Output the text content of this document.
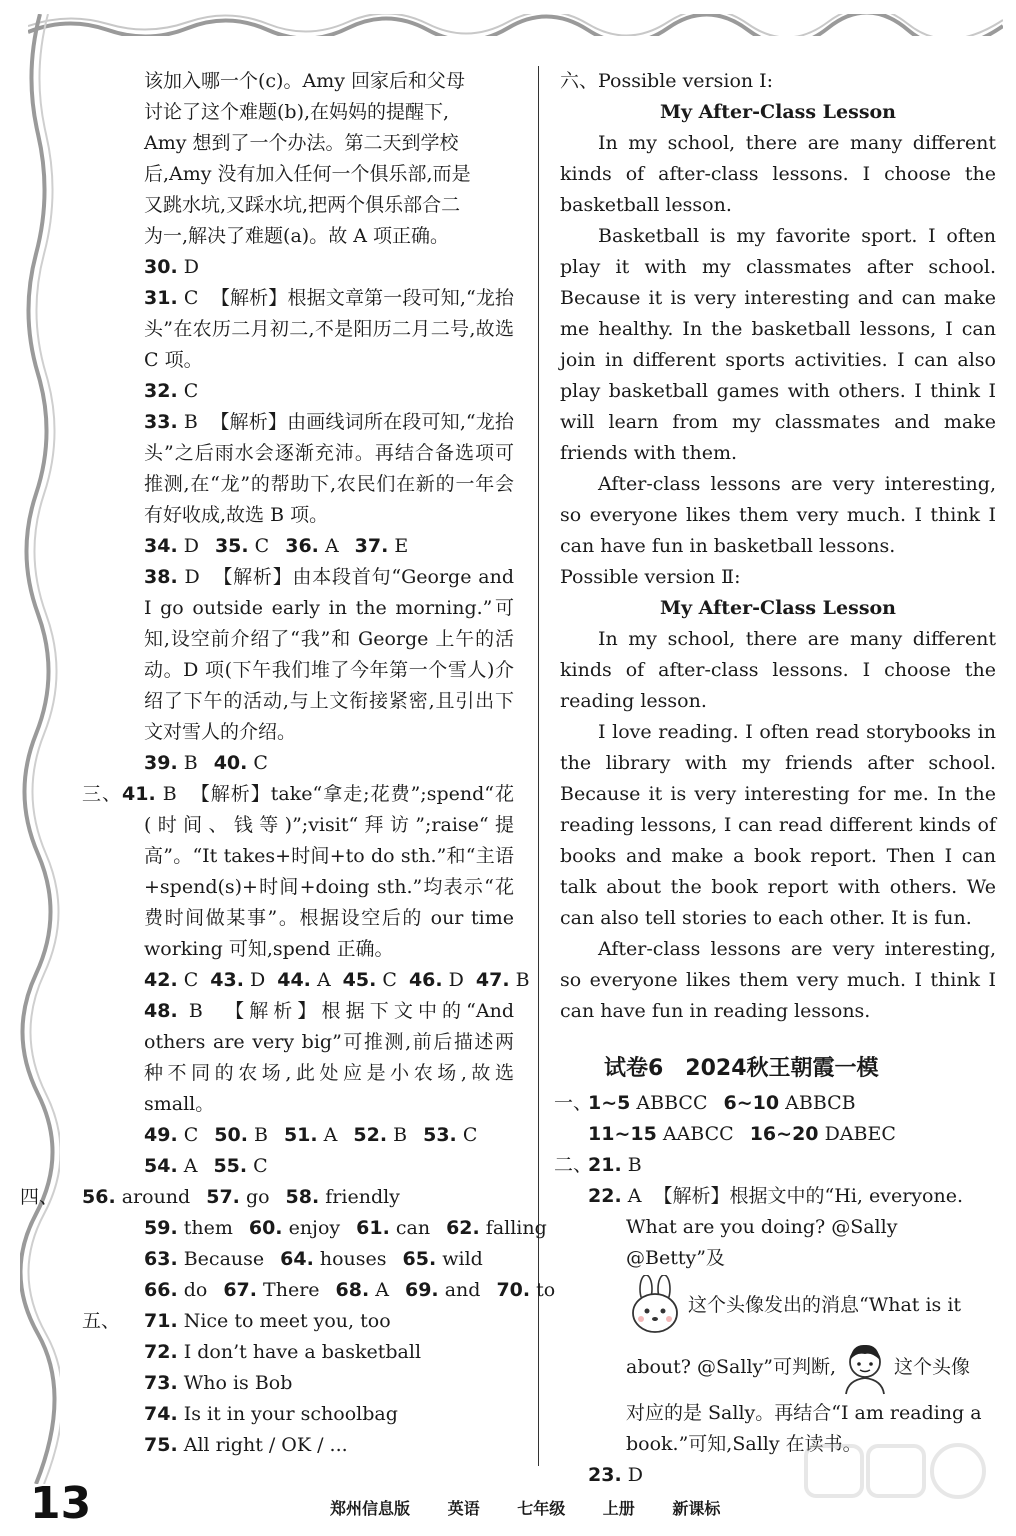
该加入哪一个(c)。Amy 回家后和父母
讨论了这个难题(b),在妈妈的提醒下,
Amy 想到了一个办法。第二天到学校
后,Amy 没有加入任何一个俱乐部,而是
又跳水坑,又踩水坑,把两个俱乐部合二
为一,解决了难题(a)。故 A 项正确。
30.
D
31. C 【解析】根据文章第一段可知,“龙抬头”在农历二月初二,不是阳历二月二号,故选 C 项。
32.
C
33. B 【解析】由画线词所在段可知,“龙抬头”之后雨水会逐渐充沛。再结合备选项可推测,在“龙”的帮助下,农民们在新的一年会有好收成,故选 B 项。
34. D 35. C 36. A 37. E
38. D 【解析】由本段首句“George and I go outside early in the morning.”可知,设空前介绍了“我”和 George 上午的活动。D 项(下午我们堆了今年第一个雪人)介绍了下午的活动,与上文衔接紧密,且引出下文对雪人的介绍。
39. B 40. C
三、41. B 【解析】take“拿走;花费”;spend“花(时间、钱等)”;visit“拜访”;raise“提高”。“It takes+时间+to do sth.”和“主语+spend(s)+时间+doing sth.”均表示“花费时间做某事”。根据设空后的 our time working 可知,spend 正确。
42. C 43. D 44. A 45. C 46. D 47. B
48. B 【解析】根据下文中的“And others are very big”可推测,前后描述两种不同的农场,此处应是小农场,故选 small。
49. C 50. B 51. A 52. B 53. C
54. A 55. C
四、	56. around 57. go 58. friendly
59. them 60. enjoy 61. can 62. falling
63. Because 64. houses 65. wild
66. do 67. There 68. A 69. and 70. to
五、	71.
Nice to meet you, too
72.
I don’t have a basketball
73.
Who is Bob
74.
Is it in your schoolbag
75.
All right / OK / ...
六、 Possible version Ⅰ:
My After-Class Lesson
In my school, there are many different kinds of after-class lessons. I choose the basketball lesson.
Basketball is my favorite sport. I often play it with my classmates after school. Because it is very interesting and can make me healthy. In the basketball lessons, I can join in different sports activities. I can also play basketball games with others. I think I will learn from my classmates and make friends with them.
After-class lessons are very interesting, so everyone likes them very much. I think I can have fun in basketball lessons.
Possible version Ⅱ:
My After-Class Lesson
In my school, there are many different kinds of after-class lessons. I choose the reading lesson.
I love reading. I often read storybooks in the library with my friends after school. Because it is very interesting for me. In the reading lessons, I can read different kinds of books and make a book report. Then I can talk about the book report with others. We can also tell stories to each other. It is fun.
After-class lessons are very interesting, so everyone likes them very much. I think I can have fun in reading lessons.
试卷6　2024秋王朝霞一模
一、
1~5 ABBCC 6~10 ABBCB
11~15 AABCC 16~20 DABEC
二、
21.
B
22.
A
【解析】根据文中的“Hi, everyone.
What are you doing? @Sally @Betty”及
这个头像发出的消息“What is it
about? @Sally”可判断,	这个头像
对应的是 Sally。再结合“I am reading a
book.”可知,Sally 在读书。
23.
D
13	郑州信息版 英语 七年级 上册 新课标
